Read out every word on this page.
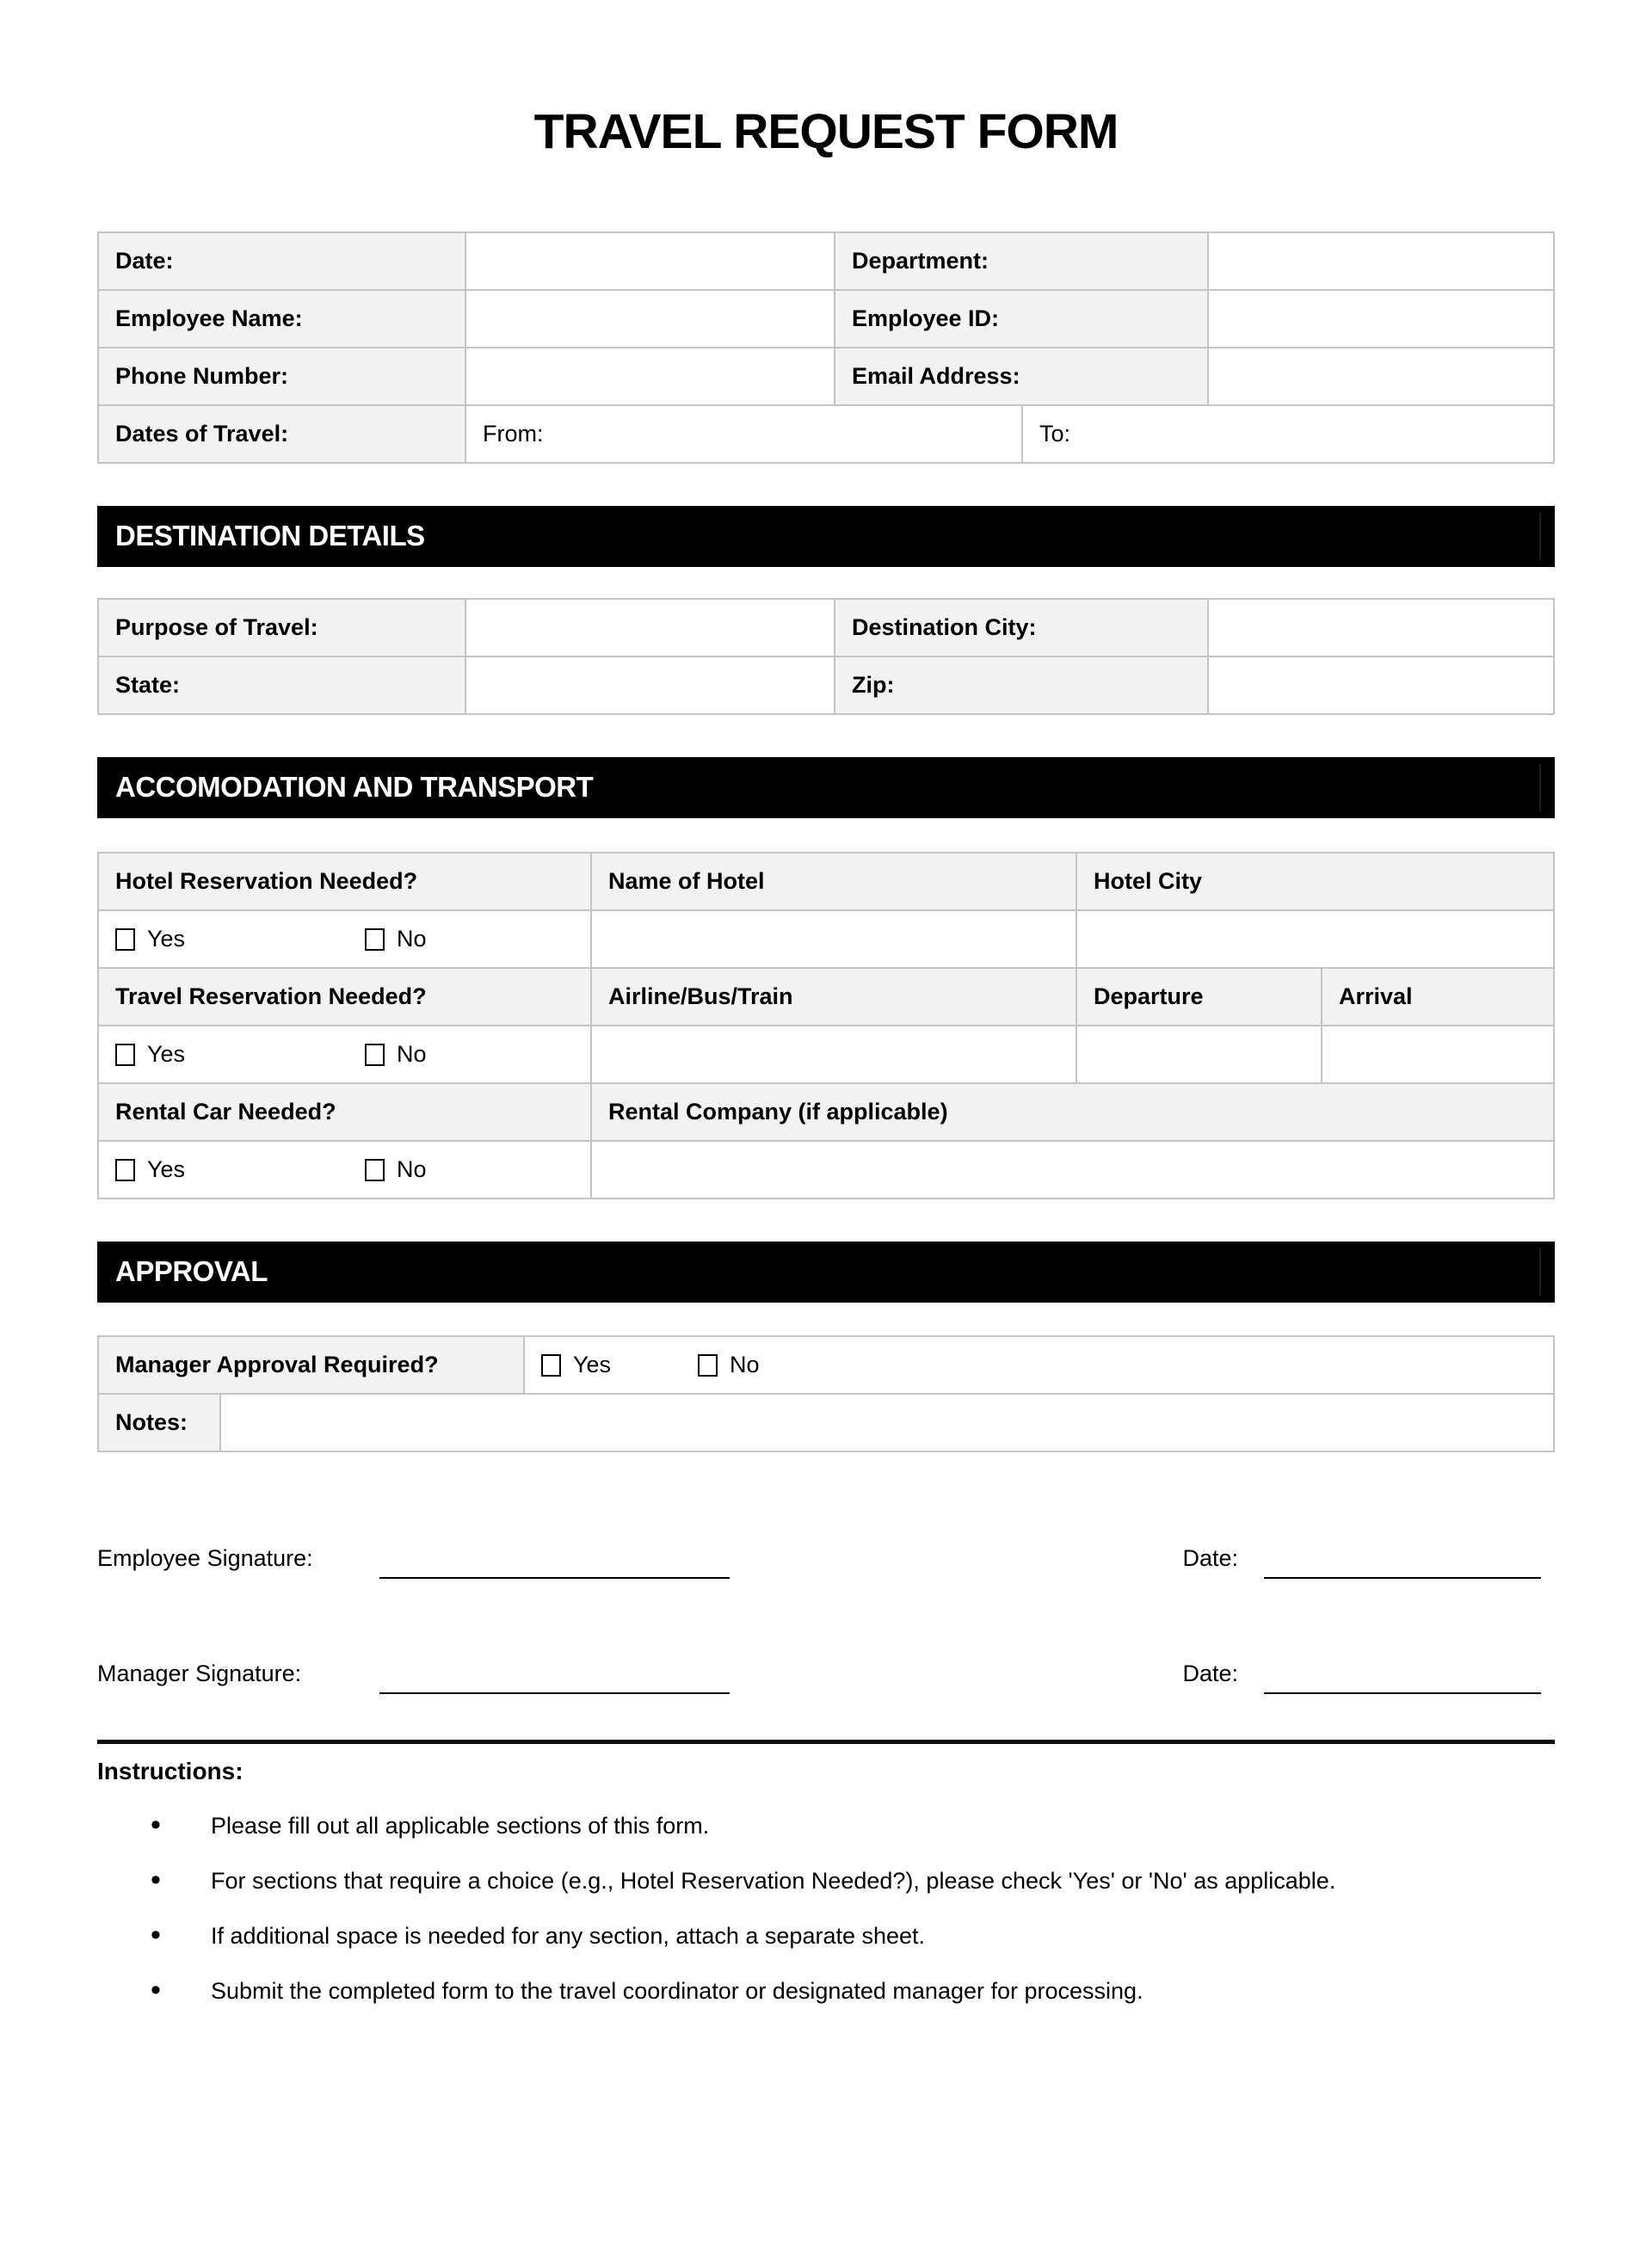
TRAVEL REQUEST FORM
Date:		Department:	
Employee Name:		Employee ID:	
Phone Number:		Email Address:	
Dates of Travel:	From:	To:
DESTINATION DETAILS
Purpose of Travel:		Destination City:	
State:		Zip:	
ACCOMODATION AND TRANSPORT
Hotel Reservation Needed?	Name of Hotel	Hotel City	

Yes No			

Travel Reservation Needed?	Airline/Bus/Train	Departure	Arrival

Yes No			

Rental Car Needed?	Rental Company (if applicable)		

Yes No			

APPROVAL
Manager Approval Required?	Yes	No
Notes:	
Employee Signature:	Date:
Manager Signature:	Date:
Instructions:
• Please fill out all applicable sections of this form.
• For sections that require a choice (e.g., Hotel Reservation Needed?), please check 'Yes' or 'No' as applicable.
• If additional space is needed for any section, attach a separate sheet.
• Submit the completed form to the travel coordinator or designated manager for processing.
